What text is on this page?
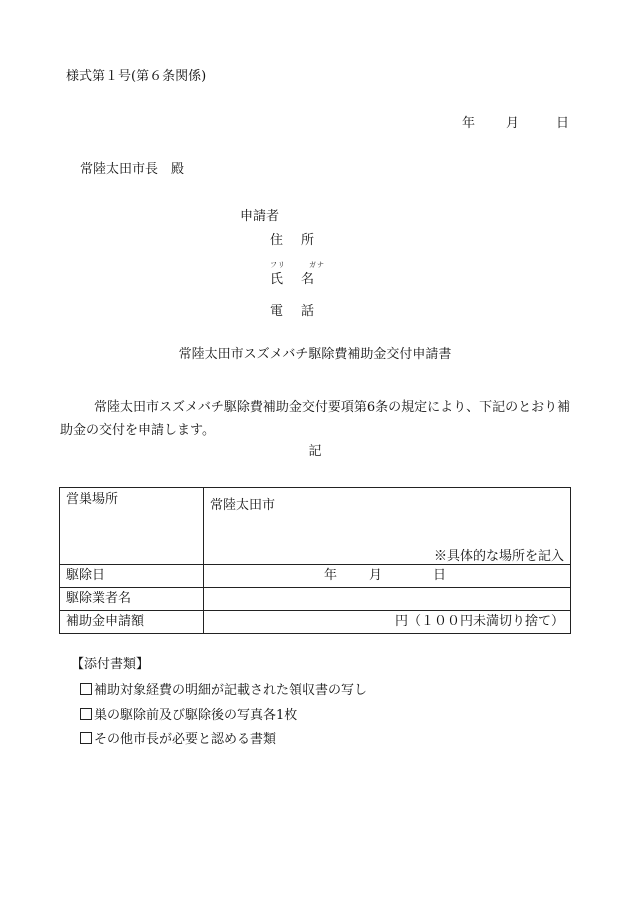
様式第１号(第６条関係)
年 月	日
常陸太田市長　殿
申請者
住所
フリ	ガナ
氏名
電話
常陸太田市スズメバチ駆除費補助金交付申請書
常陸太田市スズメバチ駆除費補助金交付要項第6条の規定により、下記のとおり補助金の交付を申請します。
記
営巣場所	常陸太田市
※具体的な場所を記入

駆除日	年 月 日
駆除業者名	
補助金申請額	円（１００円未満切り捨て）
【添付書類】
補助対象経費の明細が記載された領収書の写し
巣の駆除前及び駆除後の写真各1枚
その他市長が必要と認める書類
